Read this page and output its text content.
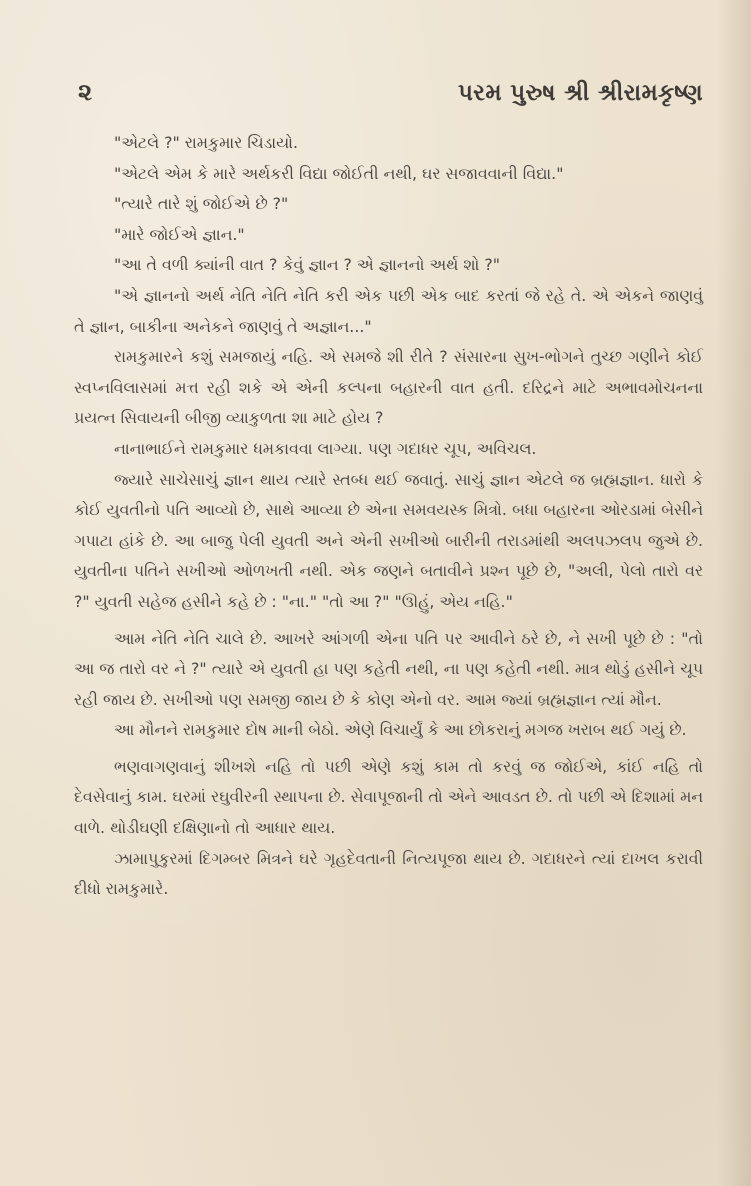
૨	પરમ પુરુષ શ્રી શ્રીરામકૃષ્ણ

"એટલે ?" રામકુમાર ચિડાયો.

"એટલે એમ કે મારે અર્થકરી વિદ્યા જોઈતી નથી, ઘર સજાવવાની વિદ્યા."

"ત્યારે તારે શું જોઈએ છે ?"

"મારે જોઈએ જ્ઞાન."

"આ તે વળી ક્યાંની વાત ? કેવું જ્ઞાન ? એ જ્ઞાનનો અર્થ શો ?"

"એ જ્ઞાનનો અર્થ નેતિ નેતિ નેતિ કરી એક પછી એક બાદ કરતાં જે રહે તે. એ એકને જાણવું તે જ્ઞાન, બાકીના અનેકને જાણવું તે અજ્ઞાન..."

રામકુમારને કશું સમજાયું નહિ. એ સમજે શી રીતે ? સંસારના સુખ-ભોગને તુચ્છ ગણીને કોઈ સ્વપ્નવિલાસમાં મત્ત રહી શકે એ એની કલ્પના બહારની વાત હતી. દરિદ્રને માટે અભાવમોચનના પ્રયત્ન સિવાયની બીજી વ્યાકુળતા શા માટે હોય ?

નાનાભાઈને રામકુમાર ધમકાવવા લાગ્યા. પણ ગદાધર ચૂપ, અવિચલ.

જ્યારે સાચેસાચું જ્ઞાન થાય ત્યારે સ્તબ્ધ થઈ જવાતું. સાચું જ્ઞાન એટલે જ બ્રહ્મજ્ઞાન. ધારો કે કોઈ યુવતીનો પતિ આવ્યો છે, સાથે આવ્યા છે એના સમવયસ્ક મિત્રો. બધા બહારના ઓરડામાં બેસીને ગપાટા હાંકે છે. આ બાજુ પેલી યુવતી અને એની સખીઓ બારીની તરાડમાંથી અલપઝલપ જુએ છે. યુવતીના પતિને સખીઓ ઓળખતી નથી. એક જણને બતાવીને પ્રશ્ન પૂછે છે, "અલી, પેલો તારો વર ?" યુવતી સહેજ હસીને કહે છે : "ના." "તો આ ?" "ઊહું, એય નહિ."

આમ નેતિ નેતિ ચાલે છે. આખરે આંગળી એના પતિ પર આવીને ઠરે છે, ને સખી પૂછે છે : "તો આ જ તારો વર ને ?" ત્યારે એ યુવતી હા પણ કહેતી નથી, ના પણ કહેતી નથી. માત્ર થોડું હસીને ચૂપ રહી જાય છે. સખીઓ પણ સમજી જાય છે કે કોણ એનો વર. આમ જ્યાં બ્રહ્મજ્ઞાન ત્યાં મૌન.

આ મૌનને રામકુમાર દોષ માની બેઠો. એણે વિચાર્યું કે આ છોકરાનું મગજ ખરાબ થઈ ગયું છે.

ભણવાગણવાનું શીખશે નહિ તો પછી એણે કશું કામ તો કરવું જ જોઈએ, કાંઈ નહિ તો દેવસેવાનું કામ. ઘરમાં રઘુવીરની સ્થાપના છે. સેવાપૂજાની તો એને આવડત છે. તો પછી એ દિશામાં મન વાળે. થોડીઘણી દક્ષિણાનો તો આધાર થાય.

ઝામાપુકુરમાં દિગમ્બર મિત્રને ઘરે ગૃહદેવતાની નિત્યપૂજા થાય છે. ગદાધરને ત્યાં દાખલ કરાવી દીધો રામકુમારે.
